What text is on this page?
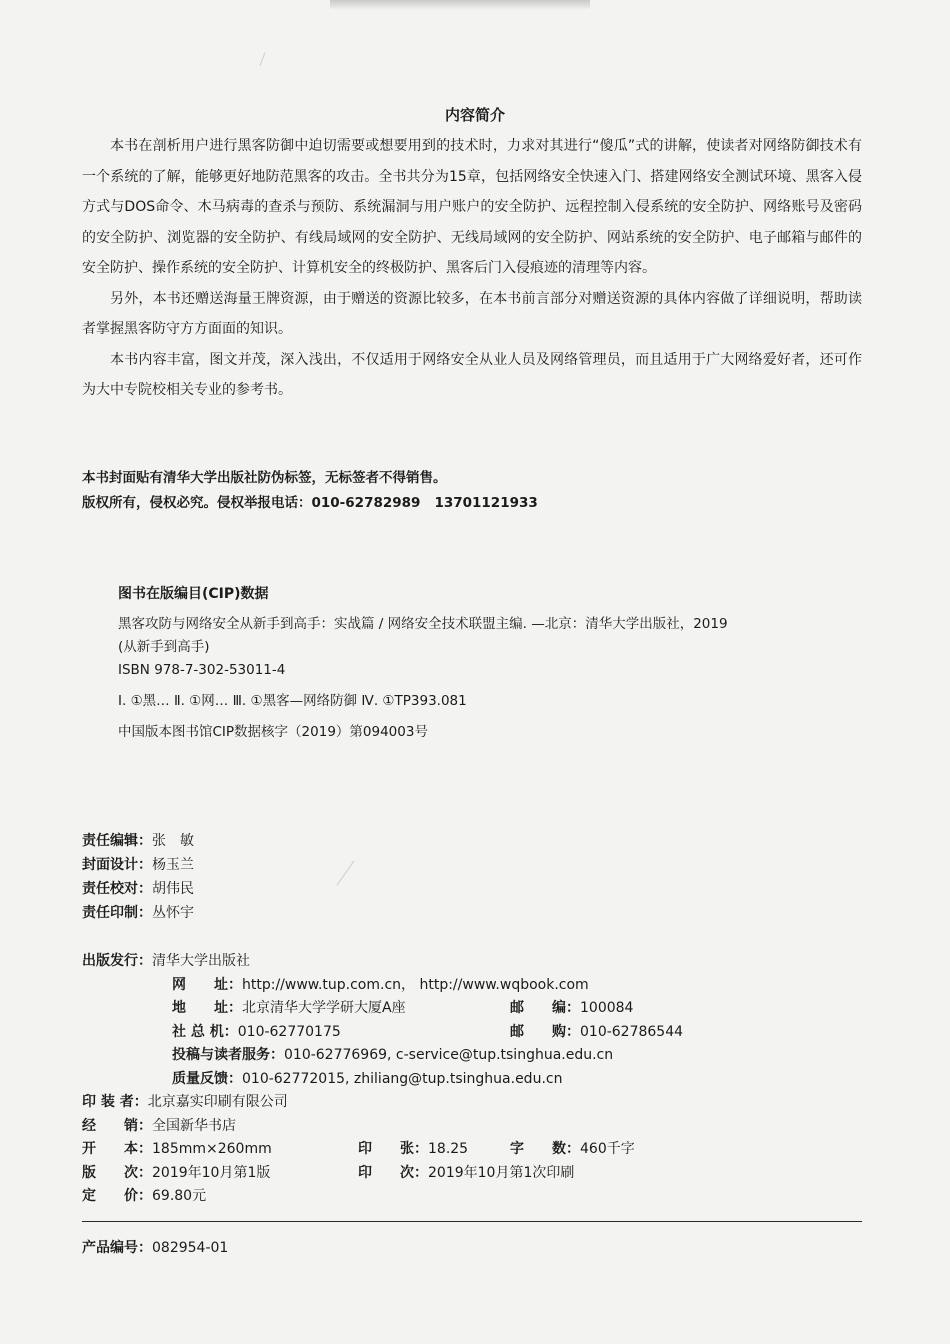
内容简介

本书在剖析用户进行黑客防御中迫切需要或想要用到的技术时，力求对其进行“傻瓜”式的讲解，使读者对网络防御技术有一个系统的了解，能够更好地防范黑客的攻击。全书共分为15章，包括网络安全快速入门、搭建网络安全测试环境、黑客入侵方式与DOS命令、木马病毒的查杀与预防、系统漏洞与用户账户的安全防护、远程控制入侵系统的安全防护、网络账号及密码的安全防护、浏览器的安全防护、有线局域网的安全防护、无线局域网的安全防护、网站系统的安全防护、电子邮箱与邮件的安全防护、操作系统的安全防护、计算机安全的终极防护、黑客后门入侵痕迹的清理等内容。

另外，本书还赠送海量王牌资源，由于赠送的资源比较多，在本书前言部分对赠送资源的具体内容做了详细说明，帮助读者掌握黑客防守方方面面的知识。

本书内容丰富，图文并茂，深入浅出，不仅适用于网络安全从业人员及网络管理员，而且适用于广大网络爱好者，还可作为大中专院校相关专业的参考书。

本书封面贴有清华大学出版社防伪标签，无标签者不得销售。
版权所有，侵权必究。侵权举报电话：010-62782989 13701121933
图书在版编目(CIP)数据
黑客攻防与网络安全从新手到高手：实战篇 / 网络安全技术联盟主编. —北京：清华大学出版社，2019
(从新手到高手)
ISBN 978-7-302-53011-4
Ⅰ. ①黑… Ⅱ. ①网… Ⅲ. ①黑客—网络防御 Ⅳ. ①TP393.081
中国版本图书馆CIP数据核字（2019）第094003号
责任编辑：张　敏
封面设计：杨玉兰
责任校对：胡伟民
责任印制：丛怀宇
出版发行：清华大学出版社
网　　址：http://www.tup.com.cn， http://www.wqbook.com
地　　址：北京清华大学学研大厦A座	邮　　编：100084
社 总 机：010-62770175	邮　　购：010-62786544
投稿与读者服务：010-62776969, c-service@tup.tsinghua.edu.cn
质量反馈：010-62772015, zhiliang@tup.tsinghua.edu.cn
印 装 者：北京嘉实印刷有限公司
经　　销：全国新华书店
开　　本：185mm×260mm	印　　张：18.25	字　　数：460千字
版　　次：2019年10月第1版	印　　次：2019年10月第1次印刷
定　　价：69.80元
产品编号：082954-01
